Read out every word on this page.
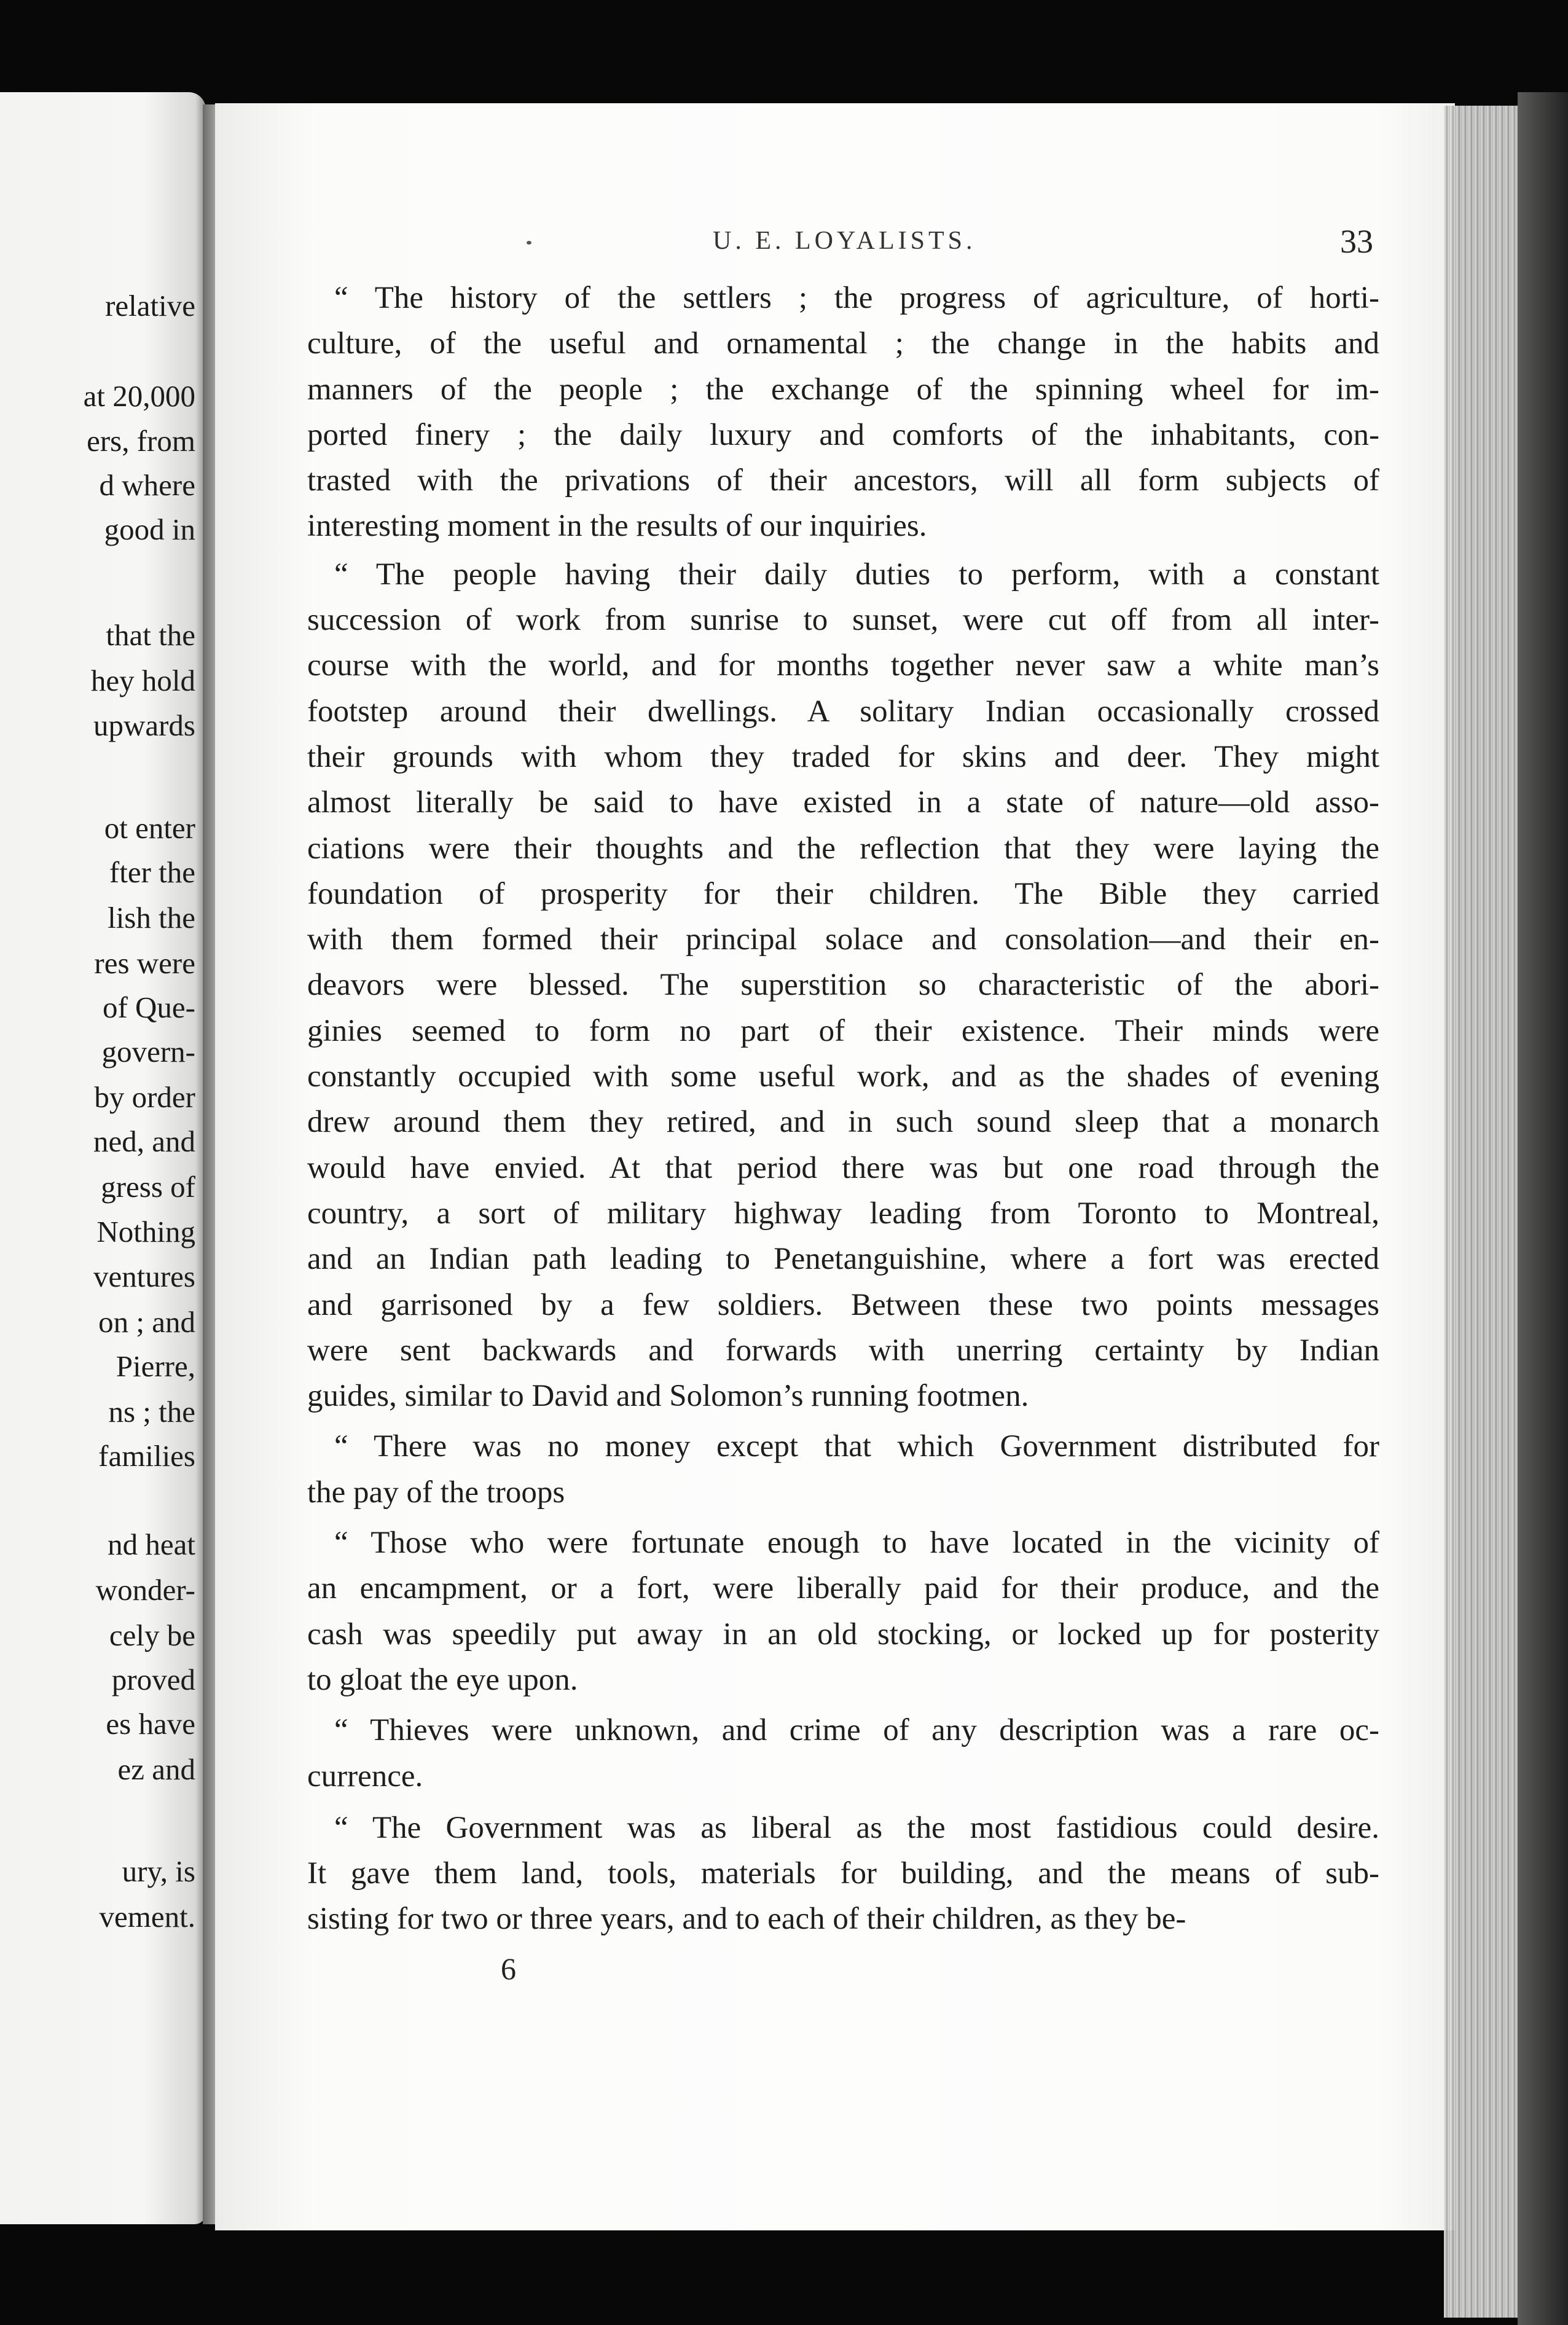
relative
at 20,000
ers, from
d where
good in
that the
hey hold
upwards
ot enter
fter the
lish the
res were
of Que-
govern-
by order
ned, and
gress of
Nothing
ventures
on ; and
Pierre,
ns ; the
families
nd heat
wonder-
cely be
proved
es have
ez and
ury, is
vement.
U. E. LOYALISTS.	33
“ The history of the settlers ; the progress of agriculture, of horti-
culture, of the useful and ornamental ; the change in the habits and
manners of the people ; the exchange of the spinning wheel for im-
ported finery ; the daily luxury and comforts of the inhabitants, con-
trasted with the privations of their ancestors, will all form subjects of
interesting moment in the results of our inquiries.
“ The people having their daily duties to perform, with a constant
succession of work from sunrise to sunset, were cut off from all inter-
course with the world, and for months together never saw a white man’s
footstep around their dwellings. A solitary Indian occasionally crossed
their grounds with whom they traded for skins and deer. They might
almost literally be said to have existed in a state of nature—old asso-
ciations were their thoughts and the reflection that they were laying the
foundation of prosperity for their children. The Bible they carried
with them formed their principal solace and consolation—and their en-
deavors were blessed. The superstition so characteristic of the abori-
ginies seemed to form no part of their existence. Their minds were
constantly occupied with some useful work, and as the shades of evening
drew around them they retired, and in such sound sleep that a monarch
would have envied. At that period there was but one road through the
country, a sort of military highway leading from Toronto to Montreal,
and an Indian path leading to Penetanguishine, where a fort was erected
and garrisoned by a few soldiers. Between these two points messages
were sent backwards and forwards with unerring certainty by Indian
guides, similar to David and Solomon’s running footmen.
“ There was no money except that which Government distributed for
the pay of the troops
“ Those who were fortunate enough to have located in the vicinity of
an encampment, or a fort, were liberally paid for their produce, and the
cash was speedily put away in an old stocking, or locked up for posterity
to gloat the eye upon.
“ Thieves were unknown, and crime of any description was a rare oc-
currence.
“ The Government was as liberal as the most fastidious could desire.
It gave them land, tools, materials for building, and the means of sub-
sisting for two or three years, and to each of their children, as they be-
6
